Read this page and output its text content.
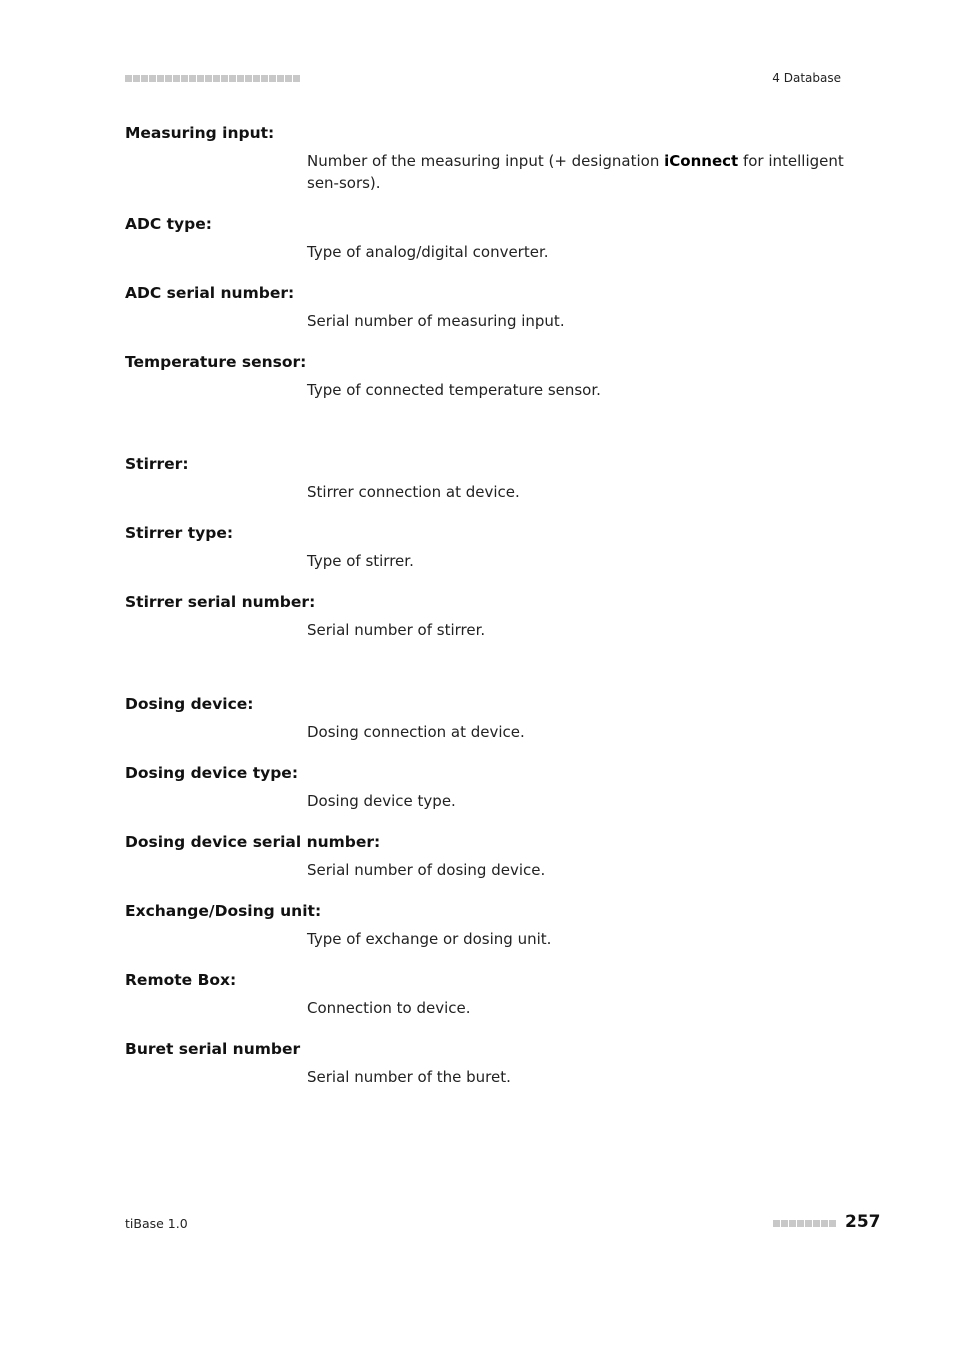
4 Database
Measuring input:
Number of the measuring input (+ designation iConnect for intelligent sen-sors).
ADC type:
Type of analog/digital converter.
ADC serial number:
Serial number of measuring input.
Temperature sensor:
Type of connected temperature sensor.
Stirrer:
Stirrer connection at device.
Stirrer type:
Type of stirrer.
Stirrer serial number:
Serial number of stirrer.
Dosing device:
Dosing connection at device.
Dosing device type:
Dosing device type.
Dosing device serial number:
Serial number of dosing device.
Exchange/Dosing unit:
Type of exchange or dosing unit.
Remote Box:
Connection to device.
Buret serial number
Serial number of the buret.
tiBase 1.0	257
